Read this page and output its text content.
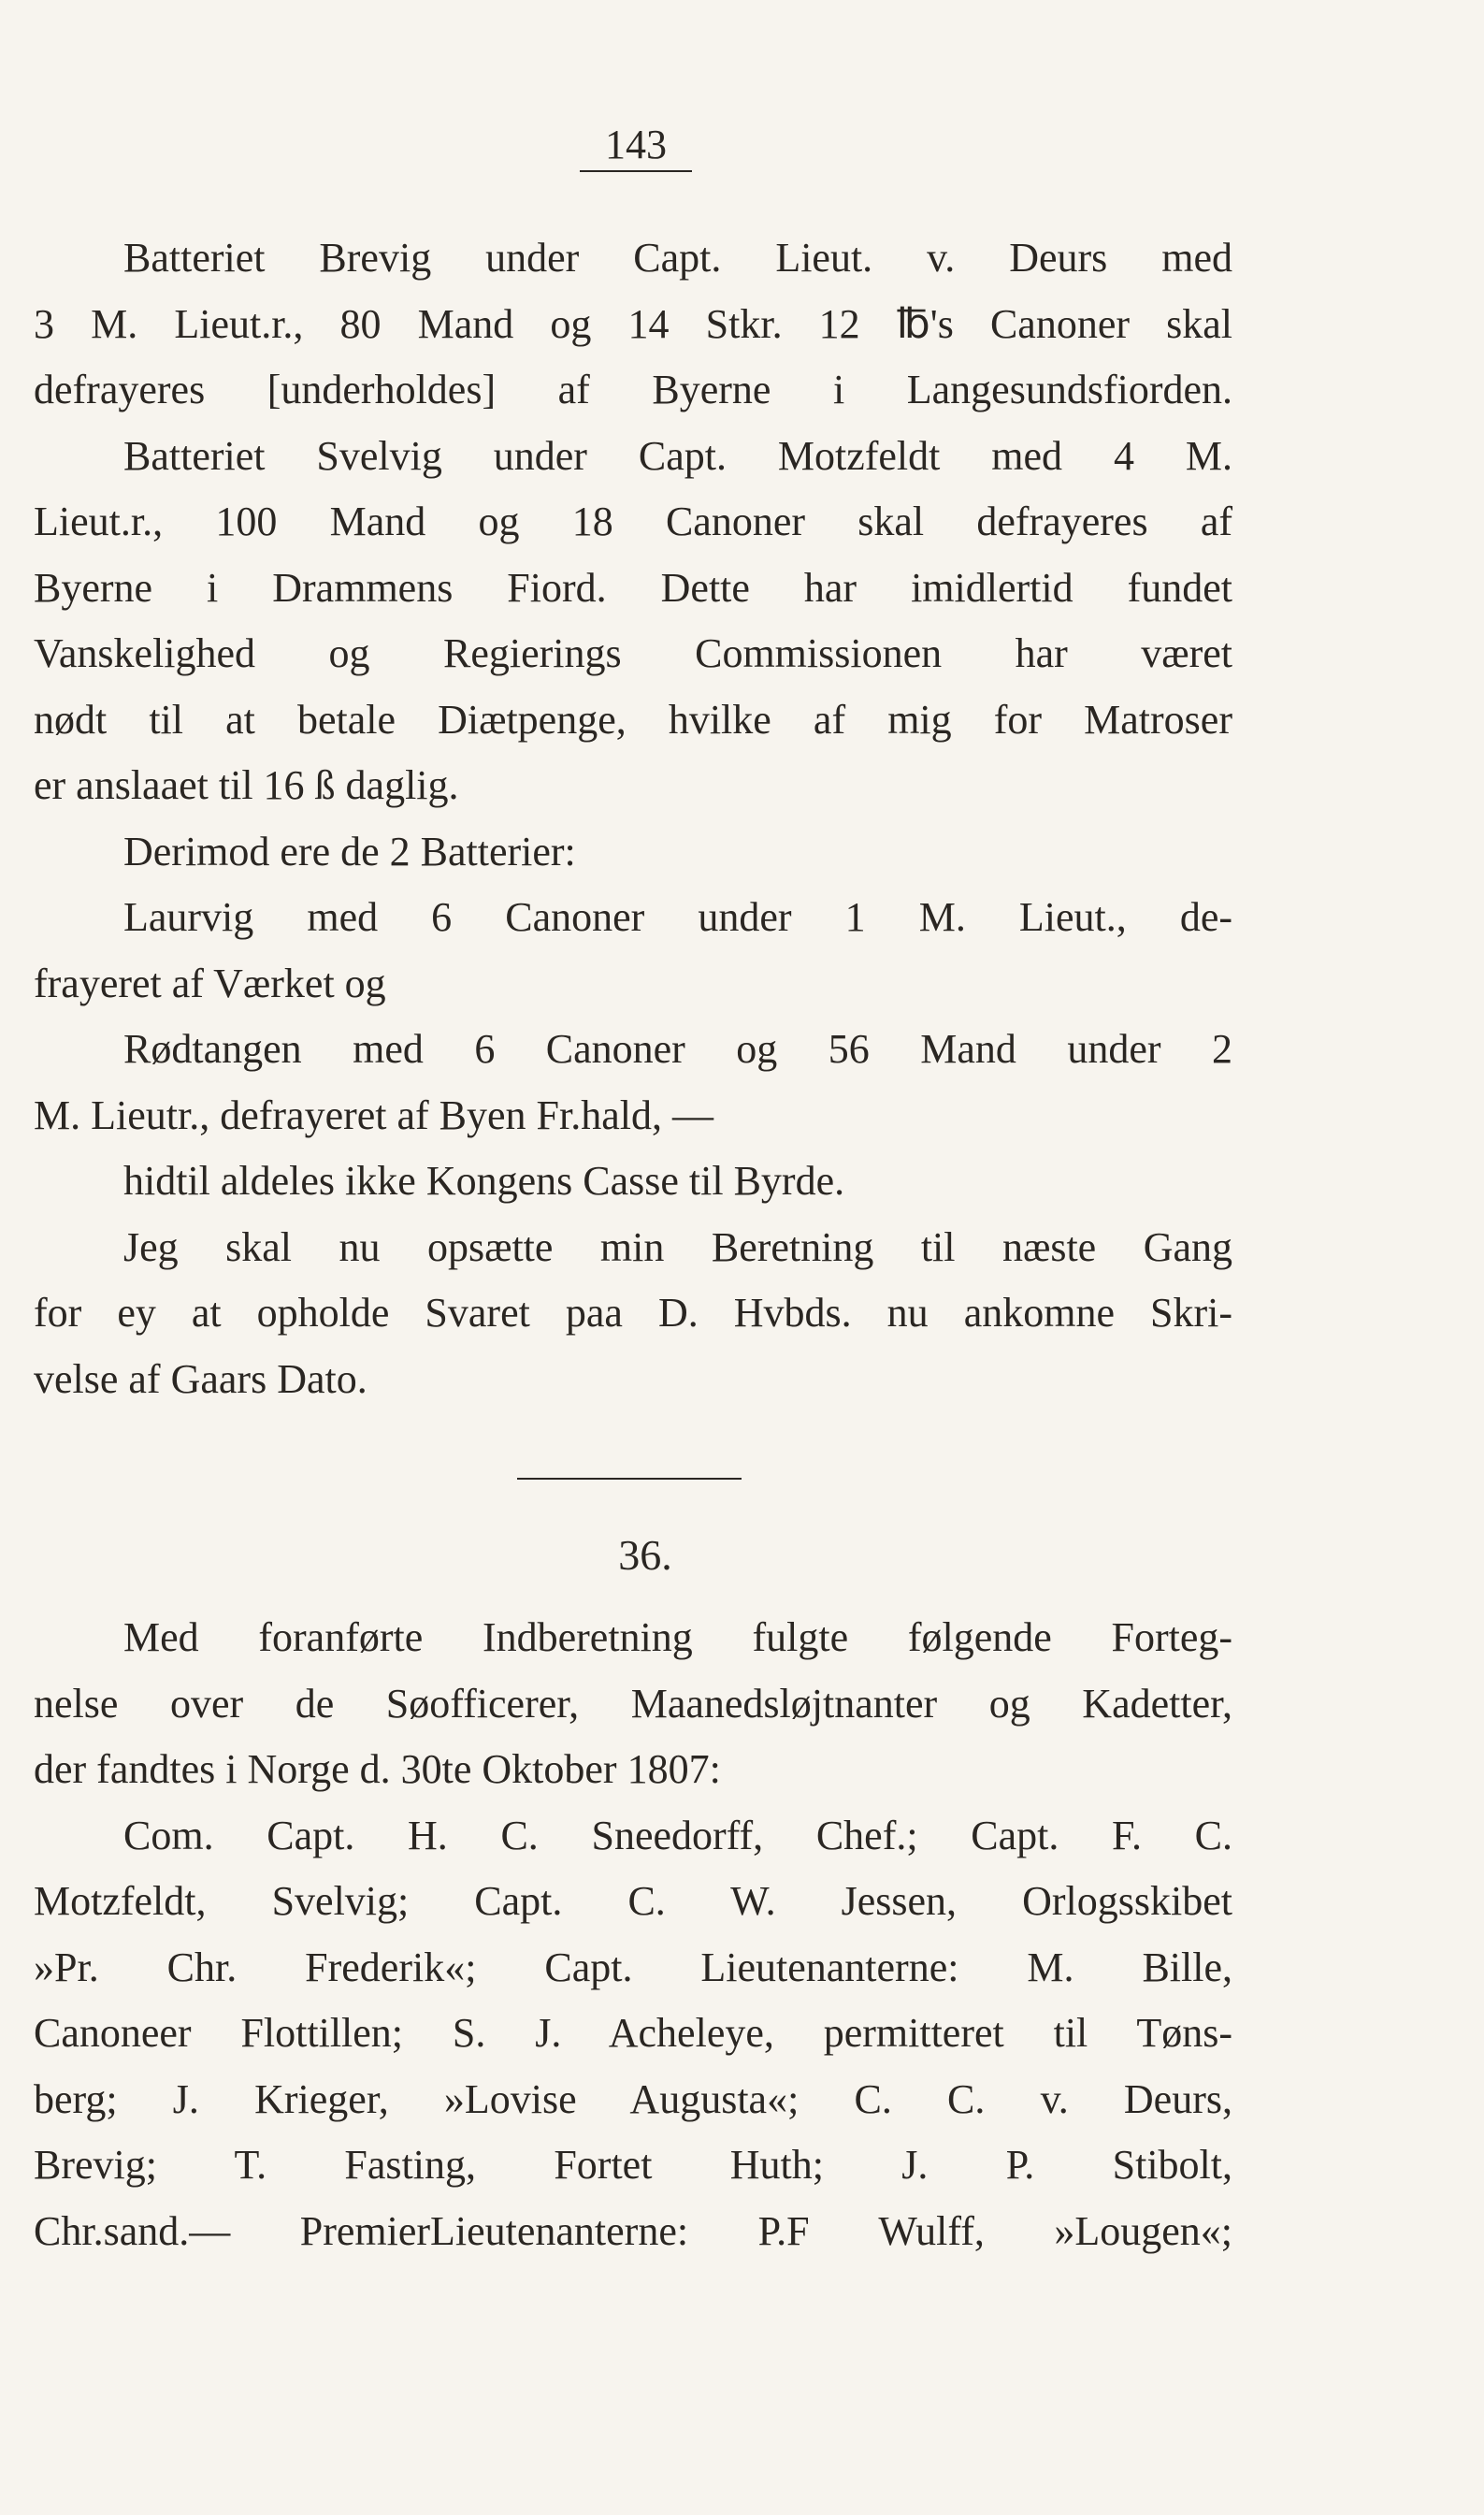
143
Batteriet Brevig under Capt. Lieut. v. Deurs med
3 M. Lieut.r., 80 Mand og 14 Stkr. 12 ℔'s Canoner skal
defrayeres [underholdes] af Byerne i Langesundsfiorden.
Batteriet Svelvig under Capt. Motzfeldt med 4 M.
Lieut.r., 100 Mand og 18 Canoner skal defrayeres af
Byerne i Drammens Fiord. Dette har imidlertid fundet
Vanskelighed og Regierings Commissionen har været
nødt til at betale Diætpenge, hvilke af mig for Matroser
er anslaaet til 16 ß daglig.
Derimod ere de 2 Batterier:
Laurvig med 6 Canoner under 1 M. Lieut., de-
frayeret af Værket og
Rødtangen med 6 Canoner og 56 Mand under 2
M. Lieutr., defrayeret af Byen Fr.hald, —
hidtil aldeles ikke Kongens Casse til Byrde.
Jeg skal nu opsætte min Beretning til næste Gang
for ey at opholde Svaret paa D. Hvbds. nu ankomne Skri-
velse af Gaars Dato.
36.
Med foranførte Indberetning fulgte følgende Forteg-
nelse over de Søofficerer, Maanedsløjtnanter og Kadetter,
der fandtes i Norge d. 30te Oktober 1807:
Com. Capt. H. C. Sneedorff, Chef.; Capt. F. C.
Motzfeldt, Svelvig; Capt. C. W. Jessen, Orlogsskibet
»Pr. Chr. Frederik«; Capt. Lieutenanterne: M. Bille,
Canoneer Flottillen; S. J. Acheleye, permitteret til Tøns-
berg; J. Krieger, »Lovise Augusta«; C. C. v. Deurs,
Brevig; T. Fasting, Fortet Huth; J. P. Stibolt,
Chr.sand.— PremierLieutenanterne: P.F Wulff, »Lougen«;
